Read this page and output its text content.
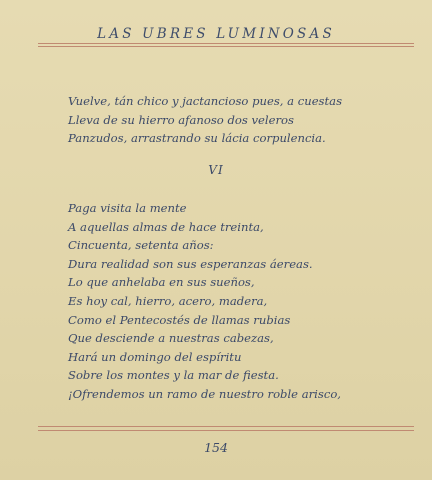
LAS UBRES LUMINOSAS
Vuelve, tán chico y jactancioso pues, a cuestas
Lleva de su hierro afanoso dos veleros
Panzudos, arrastrando su lácia corpulencia.
VI
Paga visita la mente
A aquellas almas de hace treinta,
Cincuenta, setenta años:
Dura realidad son sus esperanzas áereas.
Lo que anhelaba en sus sueños,
Es hoy cal, hierro, acero, madera,
Como el Pentecostés de llamas rubias
Que desciende a nuestras cabezas,
Hará un domingo del espíritu
Sobre los montes y la mar de fiesta.
¡Ofrendemos un ramo de nuestro roble arisco,
154
